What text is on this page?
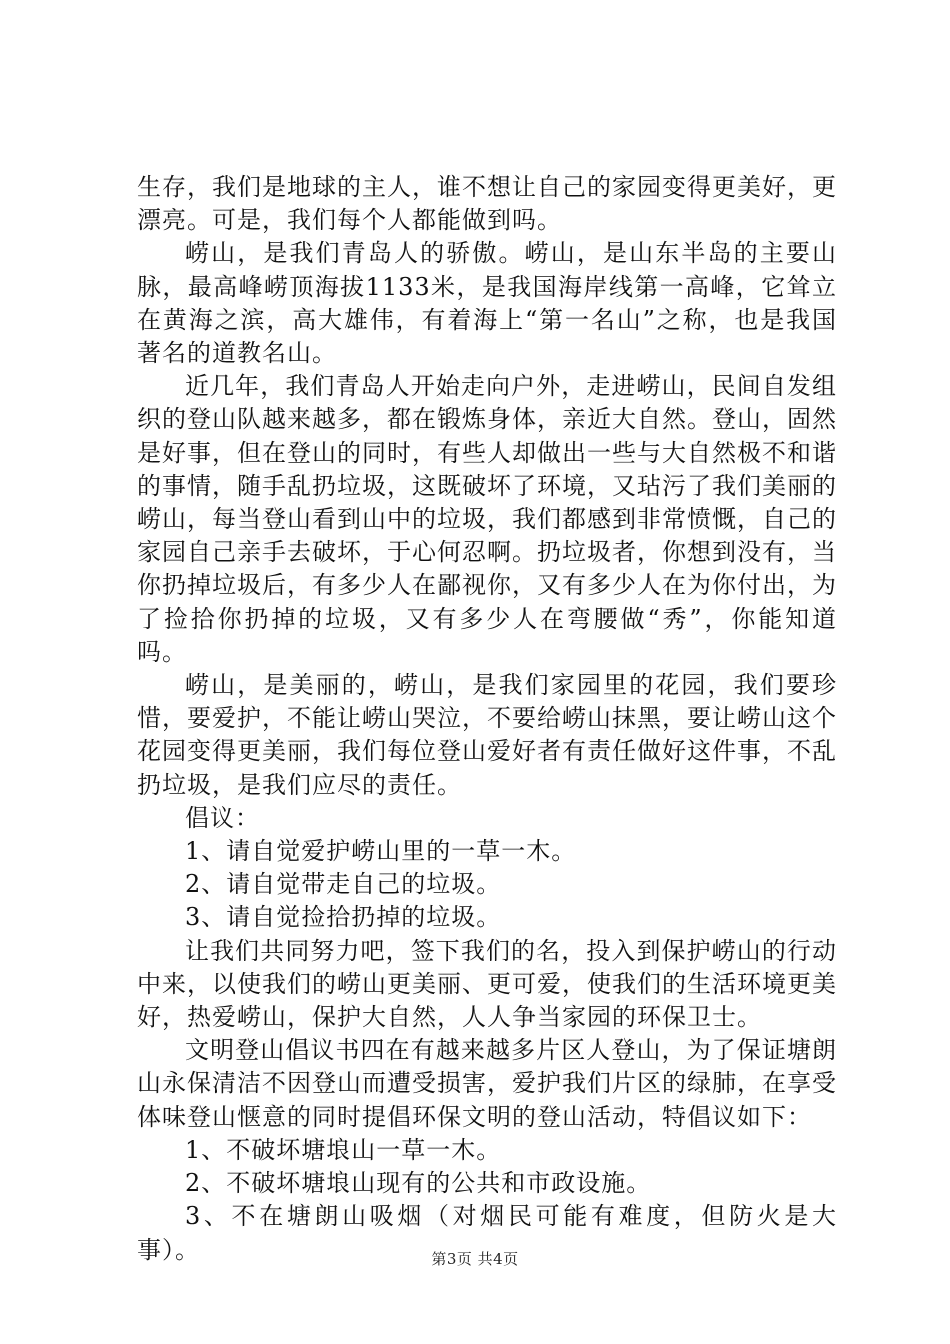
生存，我们是地球的主人，谁不想让自己的家园变得更美好，更漂亮。可是，我们每个人都能做到吗。

崂山，是我们青岛人的骄傲。崂山，是山东半岛的主要山脉，最高峰崂顶海拔1133米，是我国海岸线第一高峰，它耸立在黄海之滨，高大雄伟，有着海上“第一名山”之称，也是我国著名的道教名山。

近几年，我们青岛人开始走向户外，走进崂山，民间自发组织的登山队越来越多，都在锻炼身体，亲近大自然。登山，固然是好事，但在登山的同时，有些人却做出一些与大自然极不和谐的事情，随手乱扔垃圾，这既破坏了环境，又玷污了我们美丽的崂山，每当登山看到山中的垃圾，我们都感到非常愤慨，自己的家园自己亲手去破坏，于心何忍啊。扔垃圾者，你想到没有，当你扔掉垃圾后，有多少人在鄙视你，又有多少人在为你付出，为了捡拾你扔掉的垃圾，又有多少人在弯腰做“秀”，你能知道吗。

崂山，是美丽的，崂山，是我们家园里的花园，我们要珍惜，要爱护，不能让崂山哭泣，不要给崂山抹黑，要让崂山这个花园变得更美丽，我们每位登山爱好者有责任做好这件事，不乱扔垃圾，是我们应尽的责任。

倡议：

1、请自觉爱护崂山里的一草一木。

2、请自觉带走自己的垃圾。

3、请自觉捡拾扔掉的垃圾。

让我们共同努力吧，签下我们的名，投入到保护崂山的行动中来，以使我们的崂山更美丽、更可爱，使我们的生活环境更美好，热爱崂山，保护大自然，人人争当家园的环保卫士。

文明登山倡议书四在有越来越多片区人登山，为了保证塘朗山永保清洁不因登山而遭受损害，爱护我们片区的绿肺，在享受体味登山惬意的同时提倡环保文明的登山活动，特倡议如下：

1、不破坏塘埌山一草一木。

2、不破坏塘埌山现有的公共和市政设施。

3、不在塘朗山吸烟（对烟民可能有难度，但防火是大事）。	第3页 共4页
